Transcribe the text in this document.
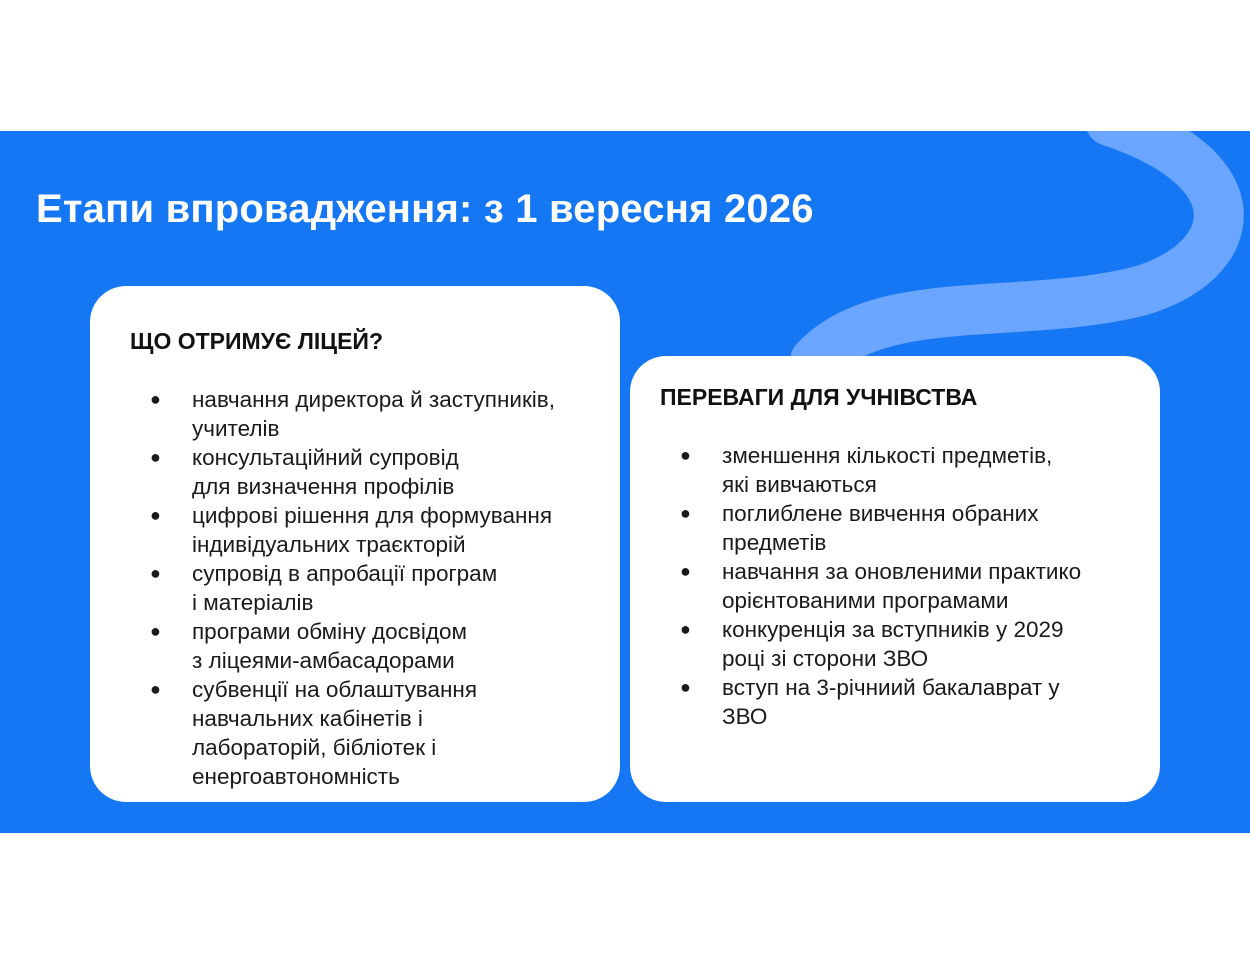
Етапи впровадження: з 1 вересня 2026
ЩО ОТРИМУЄ ЛІЦЕЙ?
● навчання директора й заступників,
учителів
● консультаційний супровід
для визначення профілів
● цифрові рішення для формування
індивідуальних траєкторій
● супровід в апробації програм
і матеріалів
● програми обміну досвідом
з ліцеями-амбасадорами
● субвенції на облаштування
навчальних кабінетів і
лабораторій, бібліотек і
енергоавтономність
ПЕРЕВАГИ ДЛЯ УЧНІВСТВА
● зменшення кількості предметів,
які вивчаються
● поглиблене вивчення обраних
предметів
● навчання за оновленими практико
орієнтованими програмами
● конкуренція за вступників у 2029
році зі сторони ЗВО
● вступ на 3-річниий бакалаврат у
ЗВО
